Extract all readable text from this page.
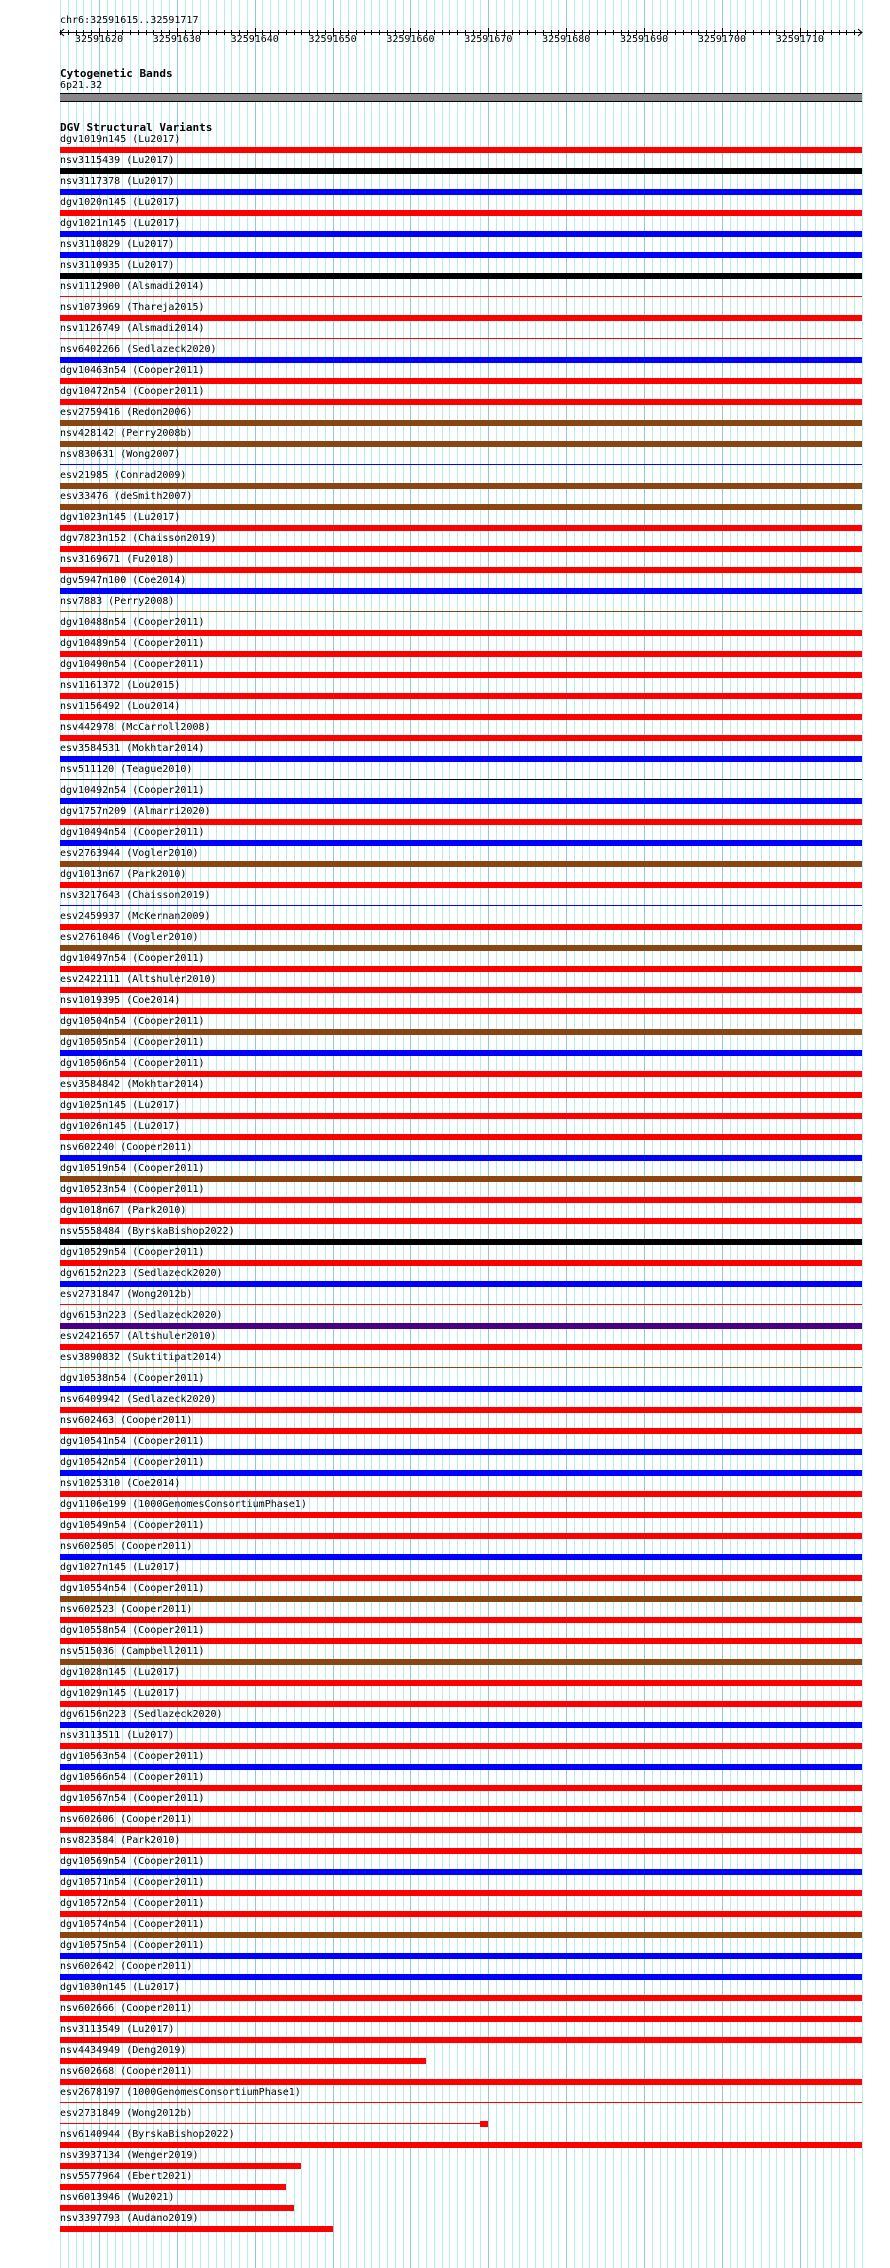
chr6:32591615..32591717
32591620	32591630	32591640	32591650	32591660	32591670	32591680	32591690	32591700	32591710
Cytogenetic Bands
6p21.32
DGV Structural Variants
dgv1019n145 (Lu2017)
nsv3115439 (Lu2017)
nsv3117378 (Lu2017)
dgv1020n145 (Lu2017)
dgv1021n145 (Lu2017)
nsv3110829 (Lu2017)
nsv3110935 (Lu2017)
nsv1112900 (Alsmadi2014)
nsv1073969 (Thareja2015)
nsv1126749 (Alsmadi2014)
nsv6402266 (Sedlazeck2020)
dgv10463n54 (Cooper2011)
dgv10472n54 (Cooper2011)
esv2759416 (Redon2006)
nsv428142 (Perry2008b)
nsv830631 (Wong2007)
esv21985 (Conrad2009)
esv33476 (deSmith2007)
dgv1023n145 (Lu2017)
dgv7823n152 (Chaisson2019)
nsv3169671 (Fu2018)
dgv5947n100 (Coe2014)
nsv7883 (Perry2008)
dgv10488n54 (Cooper2011)
dgv10489n54 (Cooper2011)
dgv10490n54 (Cooper2011)
nsv1161372 (Lou2015)
nsv1156492 (Lou2014)
nsv442978 (McCarroll2008)
esv3584531 (Mokhtar2014)
nsv511120 (Teague2010)
dgv10492n54 (Cooper2011)
dgv1757n209 (Almarri2020)
dgv10494n54 (Cooper2011)
esv2763944 (Vogler2010)
dgv1013n67 (Park2010)
nsv3217643 (Chaisson2019)
esv2459937 (McKernan2009)
esv2761046 (Vogler2010)
dgv10497n54 (Cooper2011)
esv2422111 (Altshuler2010)
nsv1019395 (Coe2014)
dgv10504n54 (Cooper2011)
dgv10505n54 (Cooper2011)
dgv10506n54 (Cooper2011)
esv3584842 (Mokhtar2014)
dgv1025n145 (Lu2017)
dgv1026n145 (Lu2017)
nsv602240 (Cooper2011)
dgv10519n54 (Cooper2011)
dgv10523n54 (Cooper2011)
dgv1018n67 (Park2010)
nsv5558484 (ByrskaBishop2022)
dgv10529n54 (Cooper2011)
dgv6152n223 (Sedlazeck2020)
esv2731847 (Wong2012b)
dgv6153n223 (Sedlazeck2020)
esv2421657 (Altshuler2010)
esv3890832 (Suktitipat2014)
dgv10538n54 (Cooper2011)
nsv6409942 (Sedlazeck2020)
nsv602463 (Cooper2011)
dgv10541n54 (Cooper2011)
dgv10542n54 (Cooper2011)
nsv1025310 (Coe2014)
dgv1106e199 (1000GenomesConsortiumPhase1)
dgv10549n54 (Cooper2011)
nsv602505 (Cooper2011)
dgv1027n145 (Lu2017)
dgv10554n54 (Cooper2011)
nsv602523 (Cooper2011)
dgv10558n54 (Cooper2011)
nsv515036 (Campbell2011)
dgv1028n145 (Lu2017)
dgv1029n145 (Lu2017)
dgv6156n223 (Sedlazeck2020)
nsv3113511 (Lu2017)
dgv10563n54 (Cooper2011)
dgv10566n54 (Cooper2011)
dgv10567n54 (Cooper2011)
nsv602606 (Cooper2011)
nsv823584 (Park2010)
dgv10569n54 (Cooper2011)
dgv10571n54 (Cooper2011)
dgv10572n54 (Cooper2011)
dgv10574n54 (Cooper2011)
dgv10575n54 (Cooper2011)
nsv602642 (Cooper2011)
dgv1030n145 (Lu2017)
nsv602666 (Cooper2011)
nsv3113549 (Lu2017)
nsv4434949 (Deng2019)
nsv602668 (Cooper2011)
esv2678197 (1000GenomesConsortiumPhase1)
esv2731849 (Wong2012b)
nsv6140944 (ByrskaBishop2022)
nsv3937134 (Wenger2019)
nsv5577964 (Ebert2021)
nsv6013946 (Wu2021)
nsv3397793 (Audano2019)
